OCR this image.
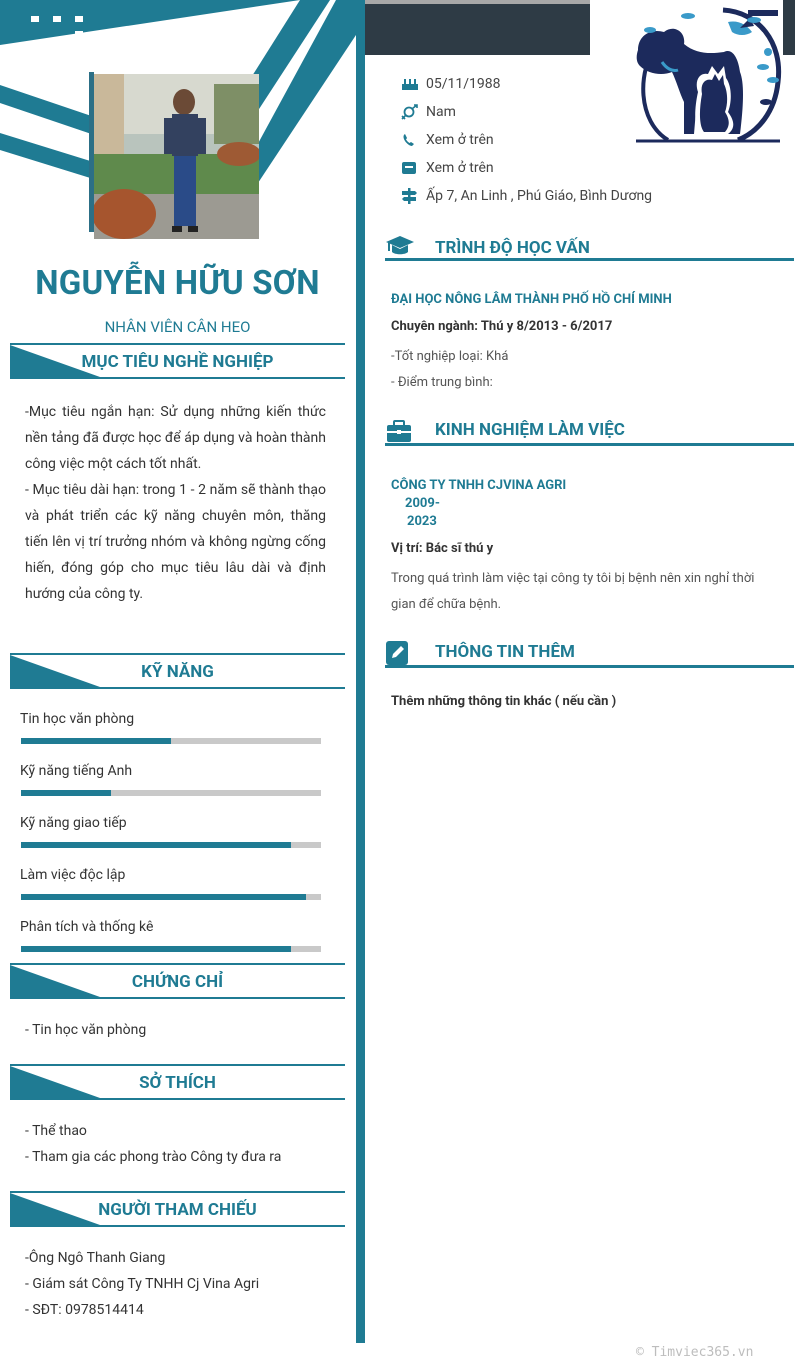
NGUYỄN HỮU SƠN
NHÂN VIÊN CÂN HEO
MỤC TIÊU NGHỀ NGHIỆP

-Mục tiêu ngắn hạn: Sử dụng những kiến thức nền tảng đã được học để áp dụng và hoàn thành công việc một cách tốt nhất.

- Mục tiêu dài hạn: trong 1 - 2 năm sẽ thành thạo và phát triển các kỹ năng chuyên môn, thăng tiến lên vị trí trưởng nhóm và không ngừng cống hiến, đóng góp cho mục tiêu lâu dài và định hướng của công ty.

KỸ NĂNG
Tin học văn phòng
Kỹ năng tiếng Anh
Kỹ năng giao tiếp
Làm việc độc lập
Phân tích và thống kê
CHỨNG CHỈ
- Tin học văn phòng
SỞ THÍCH
- Thể thao
- Tham gia các phong trào Công ty đưa ra
NGƯỜI THAM CHIẾU
-Ông Ngô Thanh Giang
- Giám sát Công Ty TNHH Cj Vina Agri
- SĐT: 0978514414
05/11/1988
Nam
Xem ở trên
Xem ở trên
Ấp 7, An Linh , Phú Giáo, Bình Dương
TRÌNH ĐỘ HỌC VẤN
ĐẠI HỌC NÔNG LÂM THÀNH PHỐ HỒ CHÍ MINH
Chuyên ngành: Thú y 8/2013 - 6/2017
-Tốt nghiệp loại: Khá
- Điểm trung bình:
KINH NGHIỆM LÀM VIỆC
CÔNG TY TNHH CJVINA AGRI
2009-
2023
Vị trí: Bác sĩ thú y
Trong quá trình làm việc tại công ty tôi bị bệnh nên xin nghỉ thời gian để chữa bệnh.
THÔNG TIN THÊM
Thêm những thông tin khác ( nếu cần )
© Timviec365.vn
